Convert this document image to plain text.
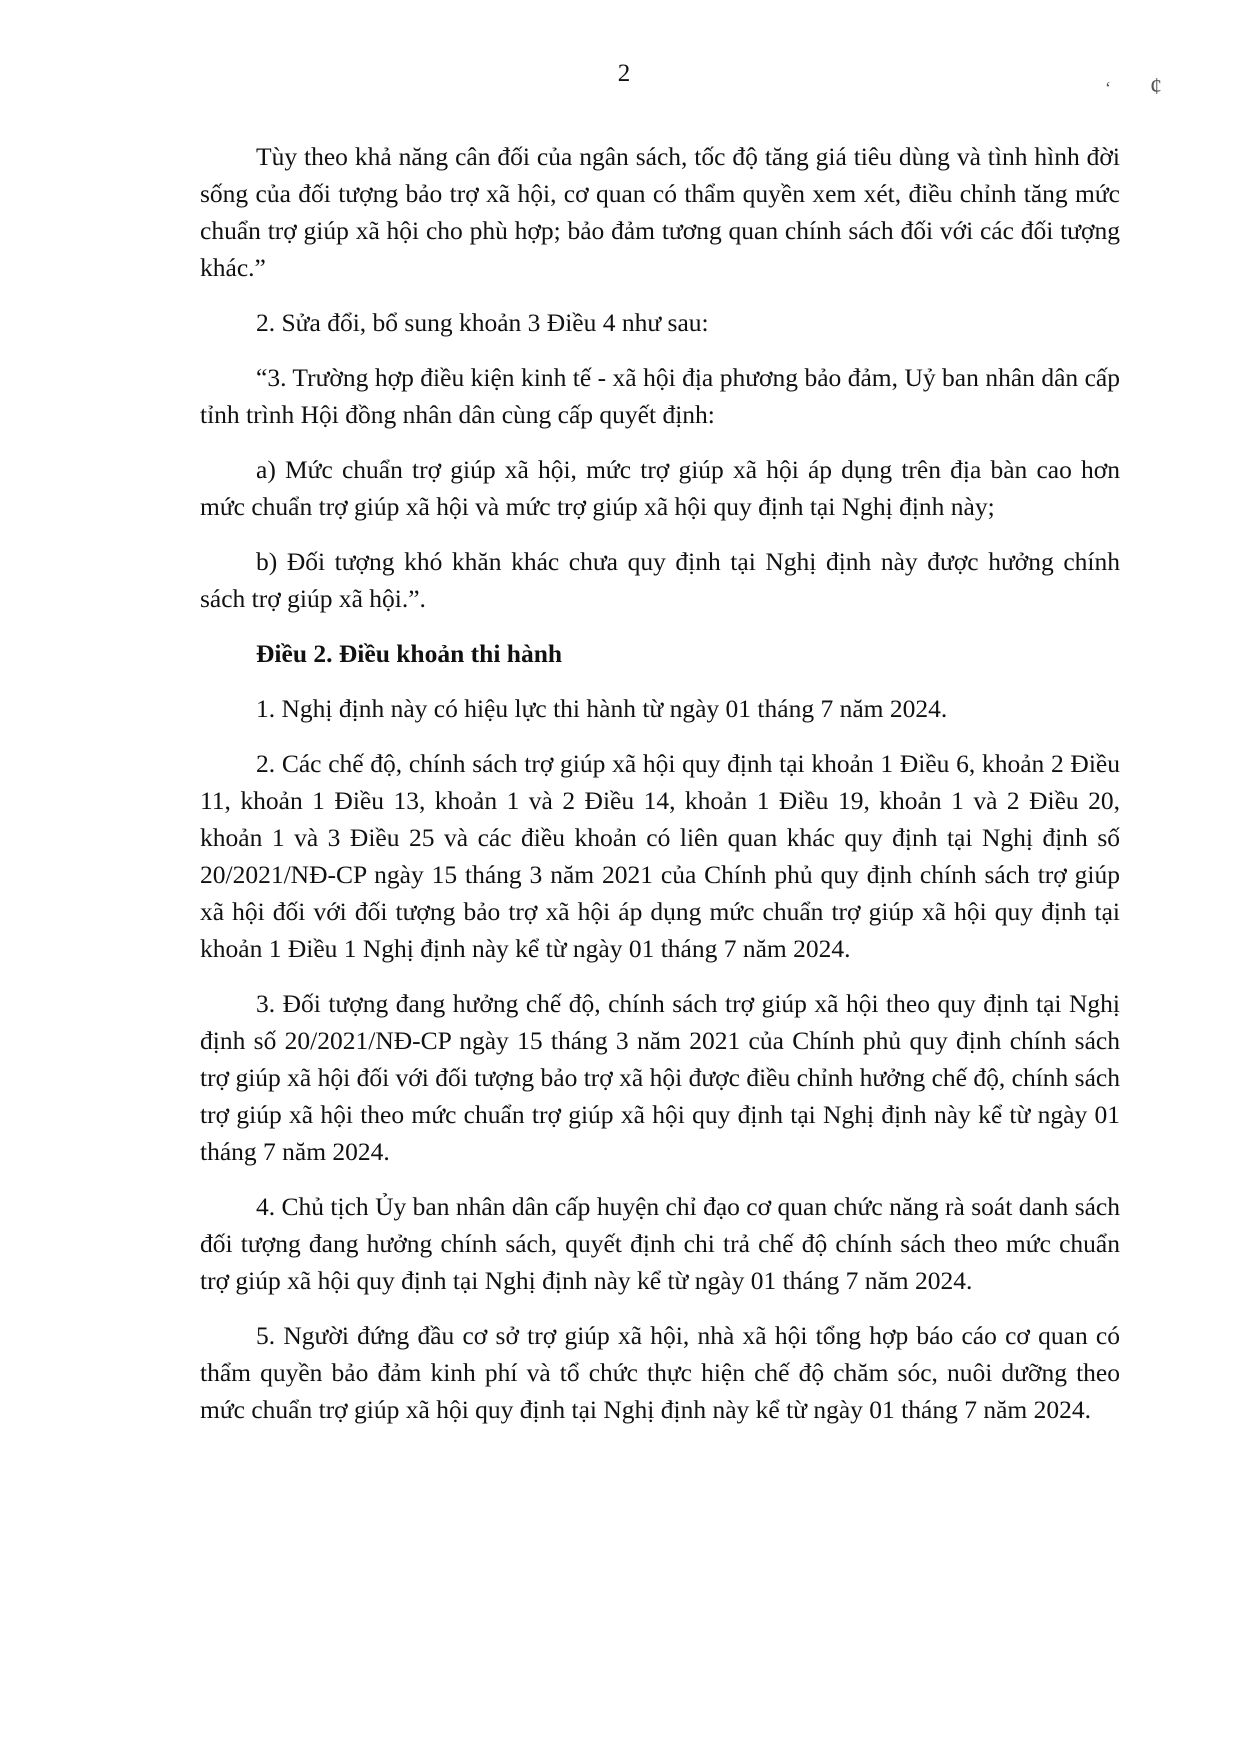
2
‘ ¢

Tùy theo khả năng cân đối của ngân sách, tốc độ tăng giá tiêu dùng và tình hình đời sống của đối tượng bảo trợ xã hội, cơ quan có thẩm quyền xem xét, điều chỉnh tăng mức chuẩn trợ giúp xã hội cho phù hợp; bảo đảm tương quan chính sách đối với các đối tượng khác.”

2. Sửa đổi, bổ sung khoản 3 Điều 4 như sau:

“3. Trường hợp điều kiện kinh tế - xã hội địa phương bảo đảm, Uỷ ban nhân dân cấp tỉnh trình Hội đồng nhân dân cùng cấp quyết định:

a) Mức chuẩn trợ giúp xã hội, mức trợ giúp xã hội áp dụng trên địa bàn cao hơn mức chuẩn trợ giúp xã hội và mức trợ giúp xã hội quy định tại Nghị định này;

b) Đối tượng khó khăn khác chưa quy định tại Nghị định này được hưởng chính sách trợ giúp xã hội.”.

Điều 2. Điều khoản thi hành

1. Nghị định này có hiệu lực thi hành từ ngày 01 tháng 7 năm 2024.

2. Các chế độ, chính sách trợ giúp xã hội quy định tại khoản 1 Điều 6, khoản 2 Điều 11, khoản 1 Điều 13, khoản 1 và 2 Điều 14, khoản 1 Điều 19, khoản 1 và 2 Điều 20, khoản 1 và 3 Điều 25 và các điều khoản có liên quan khác quy định tại Nghị định số 20/2021/NĐ-CP ngày 15 tháng 3 năm 2021 của Chính phủ quy định chính sách trợ giúp xã hội đối với đối tượng bảo trợ xã hội áp dụng mức chuẩn trợ giúp xã hội quy định tại khoản 1 Điều 1 Nghị định này kể từ ngày 01 tháng 7 năm 2024.

3. Đối tượng đang hưởng chế độ, chính sách trợ giúp xã hội theo quy định tại Nghị định số 20/2021/NĐ-CP ngày 15 tháng 3 năm 2021 của Chính phủ quy định chính sách trợ giúp xã hội đối với đối tượng bảo trợ xã hội được điều chỉnh hưởng chế độ, chính sách trợ giúp xã hội theo mức chuẩn trợ giúp xã hội quy định tại Nghị định này kể từ ngày 01 tháng 7 năm 2024.

4. Chủ tịch Ủy ban nhân dân cấp huyện chỉ đạo cơ quan chức năng rà soát danh sách đối tượng đang hưởng chính sách, quyết định chi trả chế độ chính sách theo mức chuẩn trợ giúp xã hội quy định tại Nghị định này kể từ ngày 01 tháng 7 năm 2024.

5. Người đứng đầu cơ sở trợ giúp xã hội, nhà xã hội tổng hợp báo cáo cơ quan có thẩm quyền bảo đảm kinh phí và tổ chức thực hiện chế độ chăm sóc, nuôi dưỡng theo mức chuẩn trợ giúp xã hội quy định tại Nghị định này kể từ ngày 01 tháng 7 năm 2024.
